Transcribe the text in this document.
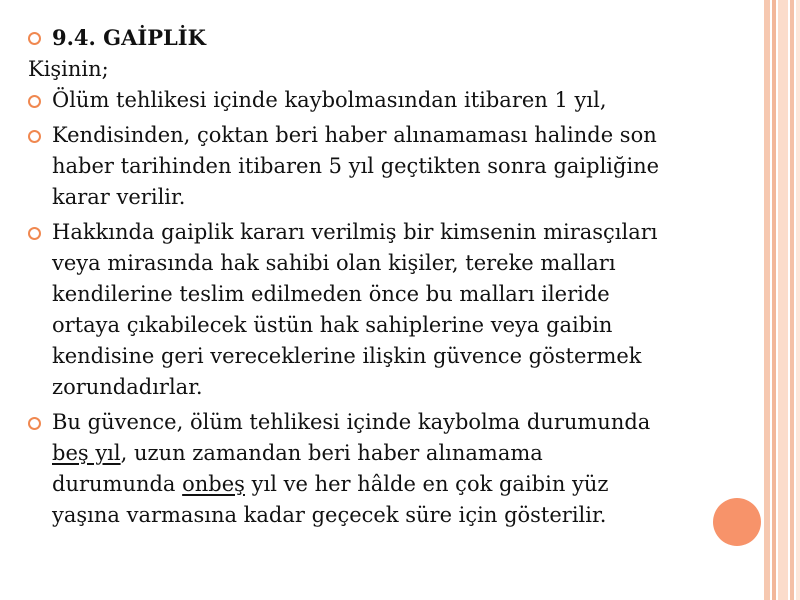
9.4. GAİPLİK

Kişinin;

Ölüm tehlikesi içinde kaybolmasından itibaren 1 yıl,

Kendisinden, çoktan beri haber alınamaması halinde son
haber tarihinden itibaren 5 yıl geçtikten sonra gaipliğine
karar verilir.
Hakkında gaiplik kararı verilmiş bir kimsenin mirasçıları
veya mirasında hak sahibi olan kişiler, tereke malları
kendilerine teslim edilmeden önce bu malları ileride
ortaya çıkabilecek üstün hak sahiplerine veya gaibin
kendisine geri vereceklerine ilişkin güvence göstermek
zorundadırlar.
Bu güvence, ölüm tehlikesi içinde kaybolma durumunda
beş yıl, uzun zamandan beri haber alınamama
durumunda onbeş yıl ve her hâlde en çok gaibin yüz
yaşına varmasına kadar geçecek süre için gösterilir.
